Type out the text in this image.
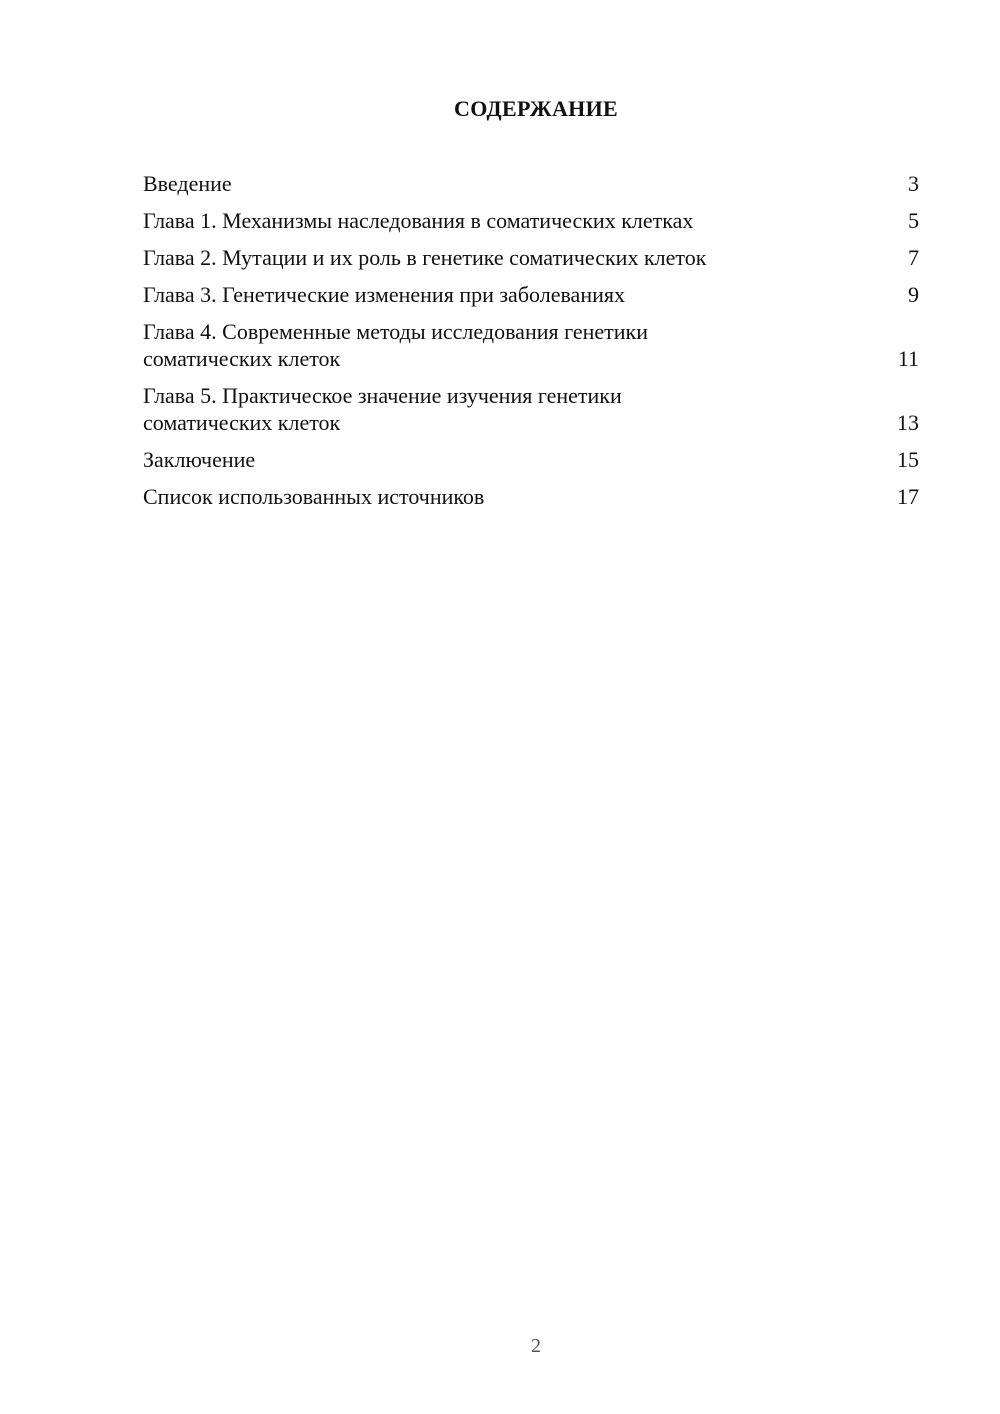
СОДЕРЖАНИЕ
Введение	3
Глава 1. Механизмы наследования в соматических клетках	5
Глава 2. Мутации и их роль в генетике соматических клеток	7
Глава 3. Генетические изменения при заболеваниях	9
Глава 4. Современные методы исследования генетики соматических клеток	11
Глава 5. Практическое значение изучения генетики соматических клеток	13
Заключение	15
Список использованных источников	17
2
